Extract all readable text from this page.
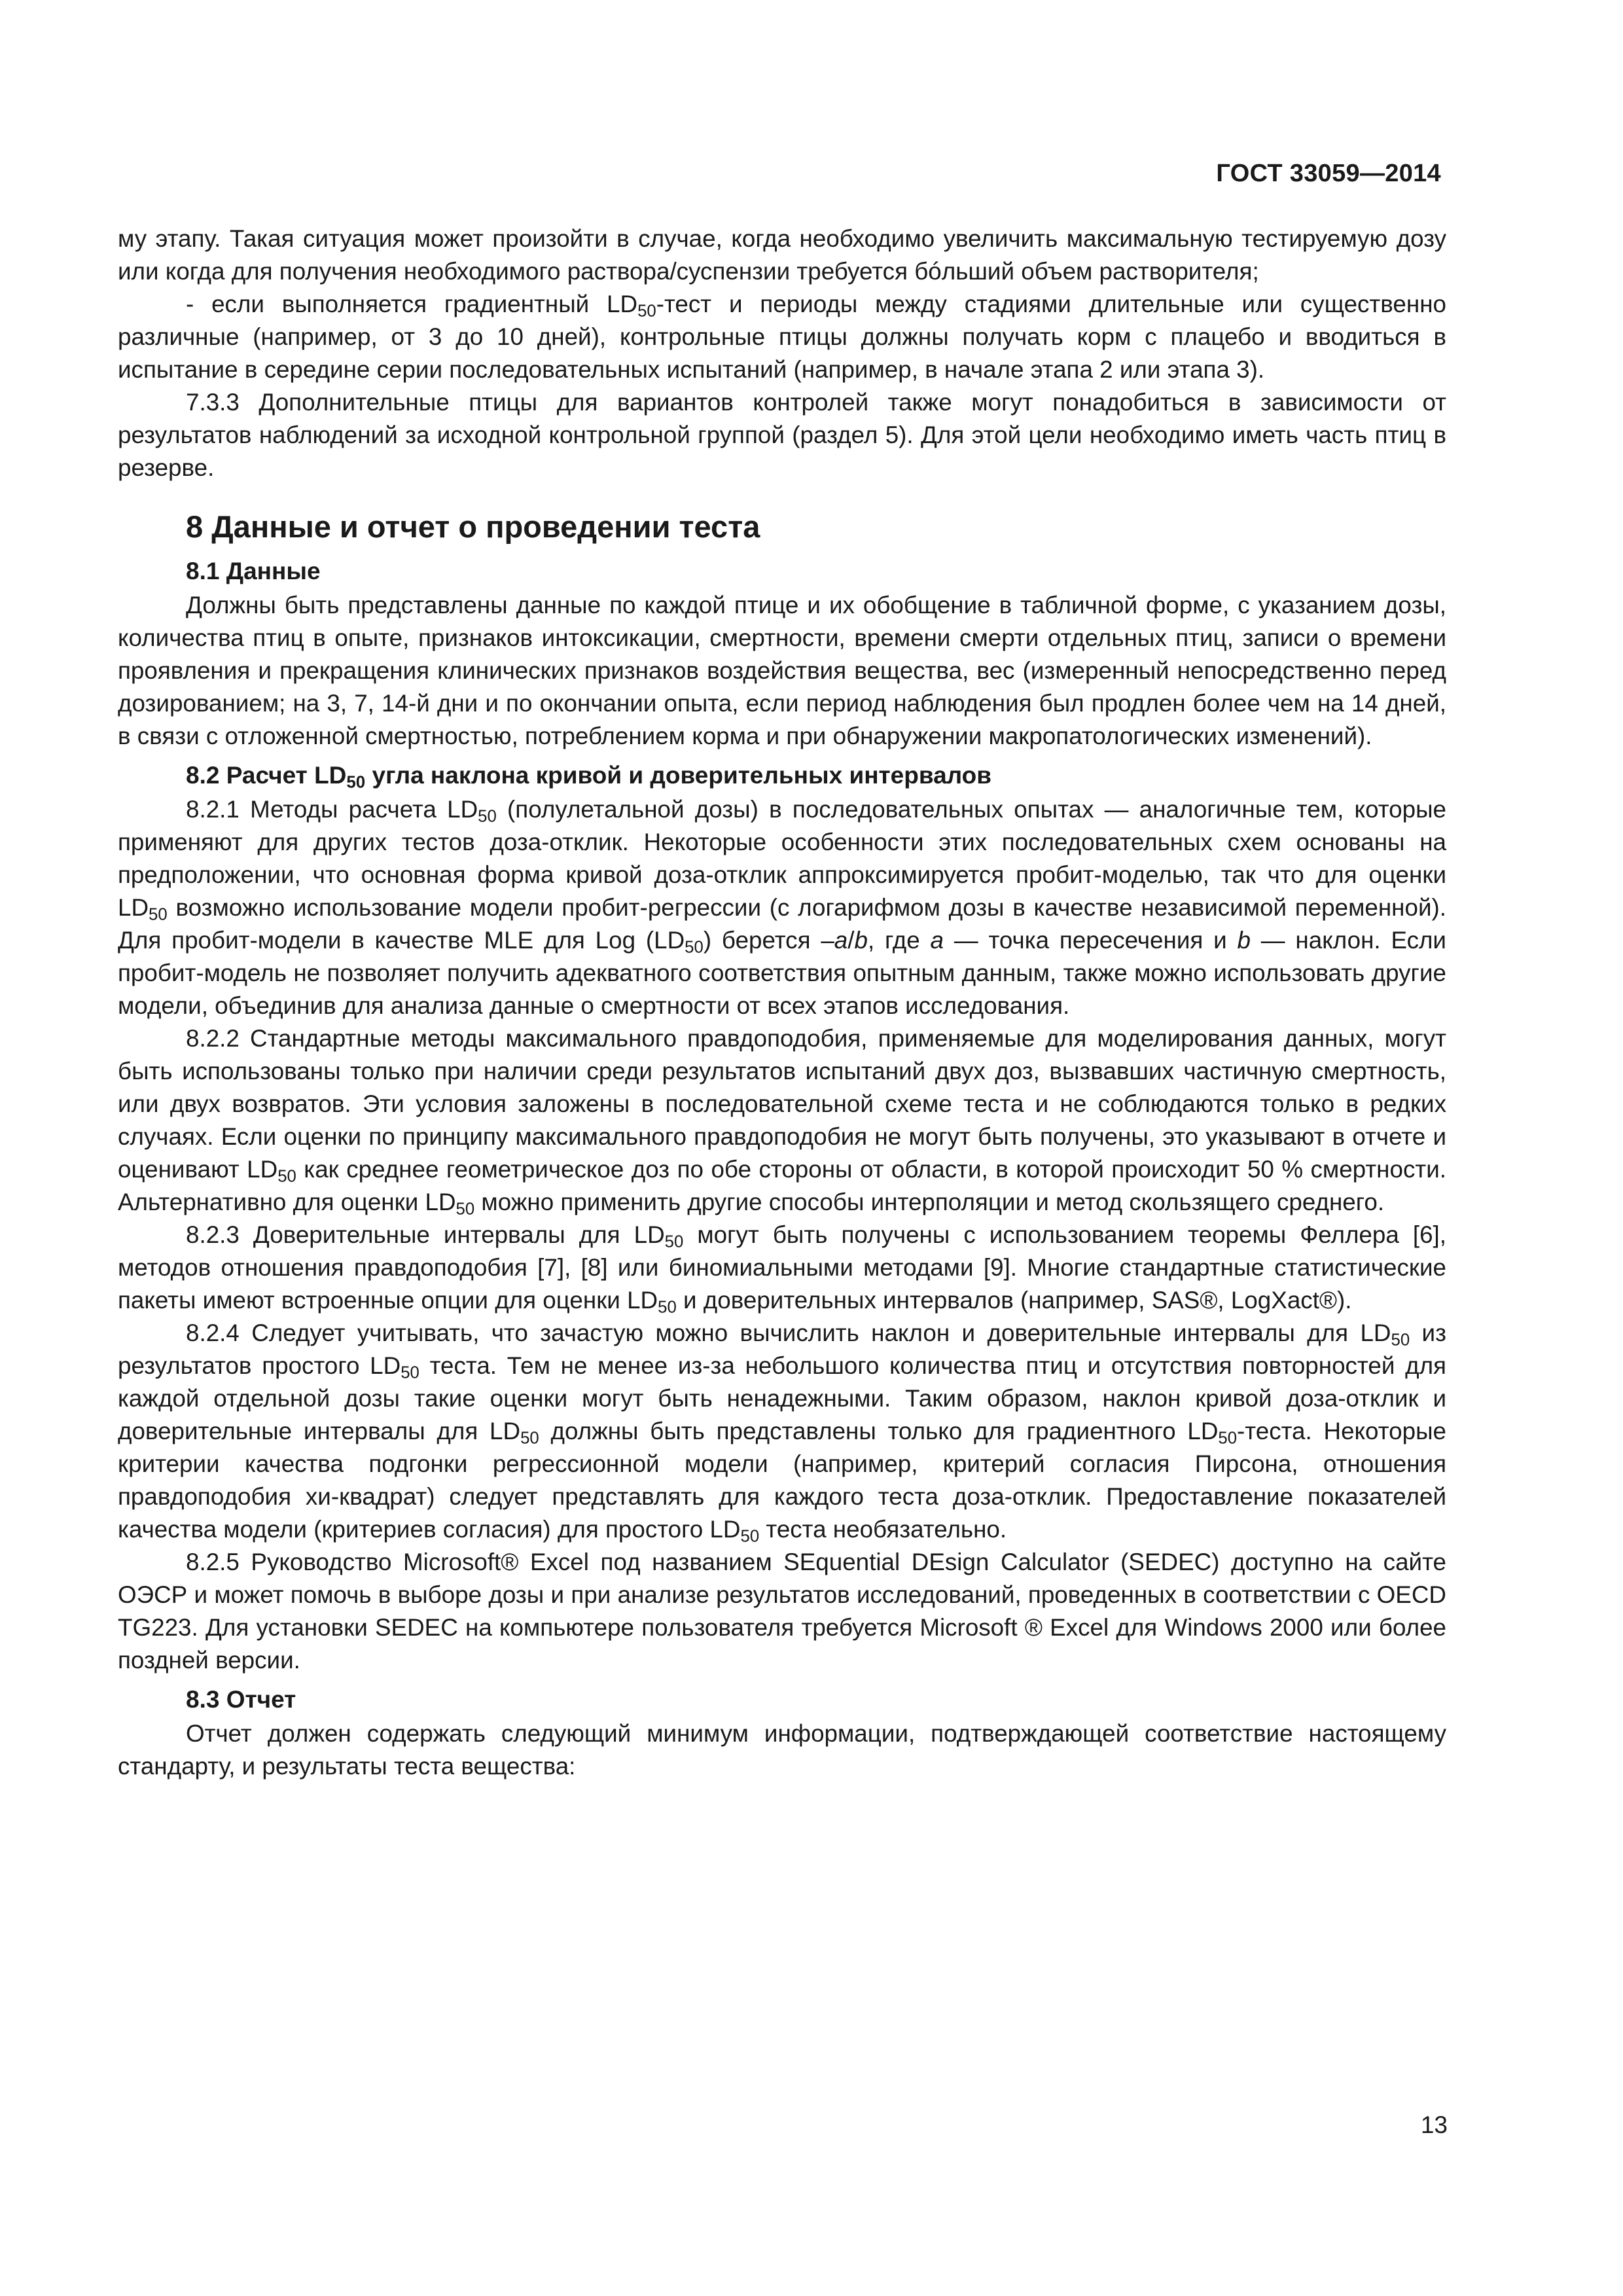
ГОСТ 33059—2014

му этапу. Такая ситуация может произойти в случае, когда необходимо увеличить максимальную тестируемую дозу или когда для получения необходимого раствора/суспензии требуется бóльший объем растворителя;

- если выполняется градиентный $LD_{50}$-тест и периоды между стадиями длительные или существенно различные (например, от 3 до 10 дней), контрольные птицы должны получать корм с плацебо и вводиться в испытание в середине серии последовательных испытаний (например, в начале этапа 2 или этапа 3).

7.3.3 Дополнительные птицы для вариантов контролей также могут понадобиться в зависимости от результатов наблюдений за исходной контрольной группой (раздел 5). Для этой цели необходимо иметь часть птиц в резерве.

8 Данные и отчет о проведении теста
8.1 Данные

Должны быть представлены данные по каждой птице и их обобщение в табличной форме, с указанием дозы, количества птиц в опыте, признаков интоксикации, смертности, времени смерти отдельных птиц, записи о времени проявления и прекращения клинических признаков воздействия вещества, вес (измеренный непосредственно перед дозированием; на 3, 7, 14-й дни и по окончании опыта, если период наблюдения был продлен более чем на 14 дней, в связи с отложенной смертностью, потреблением корма и при обнаружении макропатологических изменений).

8.2 Расчет $LD_{50}$ угла наклона кривой и доверительных интервалов

8.2.1 Методы расчета $LD_{50}$ (полулетальной дозы) в последовательных опытах — аналогичные тем, которые применяют для других тестов доза-отклик. Некоторые особенности этих последовательных схем основаны на предположении, что основная форма кривой доза-отклик аппроксимируется пробит-моделью, так что для оценки $LD_{50}$ возможно использование модели пробит-регрессии (с логарифмом дозы в качестве независимой переменной). Для пробит-модели в качестве MLE для Log $(LD_{50})$ берется –a/b, где a — точка пересечения и b — наклон. Если пробит-модель не позволяет получить адекватного соответствия опытным данным, также можно использовать другие модели, объединив для анализа данные о смертности от всех этапов исследования.

8.2.2 Стандартные методы максимального правдоподобия, применяемые для моделирования данных, могут быть использованы только при наличии среди результатов испытаний двух доз, вызвавших частичную смертность, или двух возвратов. Эти условия заложены в последовательной схеме теста и не соблюдаются только в редких случаях. Если оценки по принципу максимального правдоподобия не могут быть получены, это указывают в отчете и оценивают $LD_{50}$ как среднее геометрическое доз по обе стороны от области, в которой происходит 50 % смертности. Альтернативно для оценки $LD_{50}$ можно применить другие способы интерполяции и метод скользящего среднего.

8.2.3 Доверительные интервалы для $LD_{50}$ могут быть получены с использованием теоремы Феллера [6], методов отношения правдоподобия [7], [8] или биномиальными методами [9]. Многие стандартные статистические пакеты имеют встроенные опции для оценки $LD_{50}$ и доверительных интервалов (например, SAS®, LogXact®).

8.2.4 Следует учитывать, что зачастую можно вычислить наклон и доверительные интервалы для $LD_{50}$ из результатов простого $LD_{50}$ теста. Тем не менее из-за небольшого количества птиц и отсутствия повторностей для каждой отдельной дозы такие оценки могут быть ненадежными. Таким образом, наклон кривой доза-отклик и доверительные интервалы для $LD_{50}$ должны быть представлены только для градиентного $LD_{50}$-теста. Некоторые критерии качества подгонки регрессионной модели (например, критерий согласия Пирсона, отношения правдоподобия хи-квадрат) следует представлять для каждого теста доза-отклик. Предоставление показателей качества модели (критериев согласия) для простого $LD_{50}$ теста необязательно.

8.2.5 Руководство Microsoft® Excel под названием SEquential DEsign Calculator (SEDEC) доступно на сайте ОЭСР и может помочь в выборе дозы и при анализе результатов исследований, проведенных в соответствии с OECD TG223. Для установки SEDEC на компьютере пользователя требуется Microsoft ® Excel для Windows 2000 или более поздней версии.

8.3 Отчет

Отчет должен содержать следующий минимум информации, подтверждающей соответствие настоящему стандарту, и результаты теста вещества:

13
